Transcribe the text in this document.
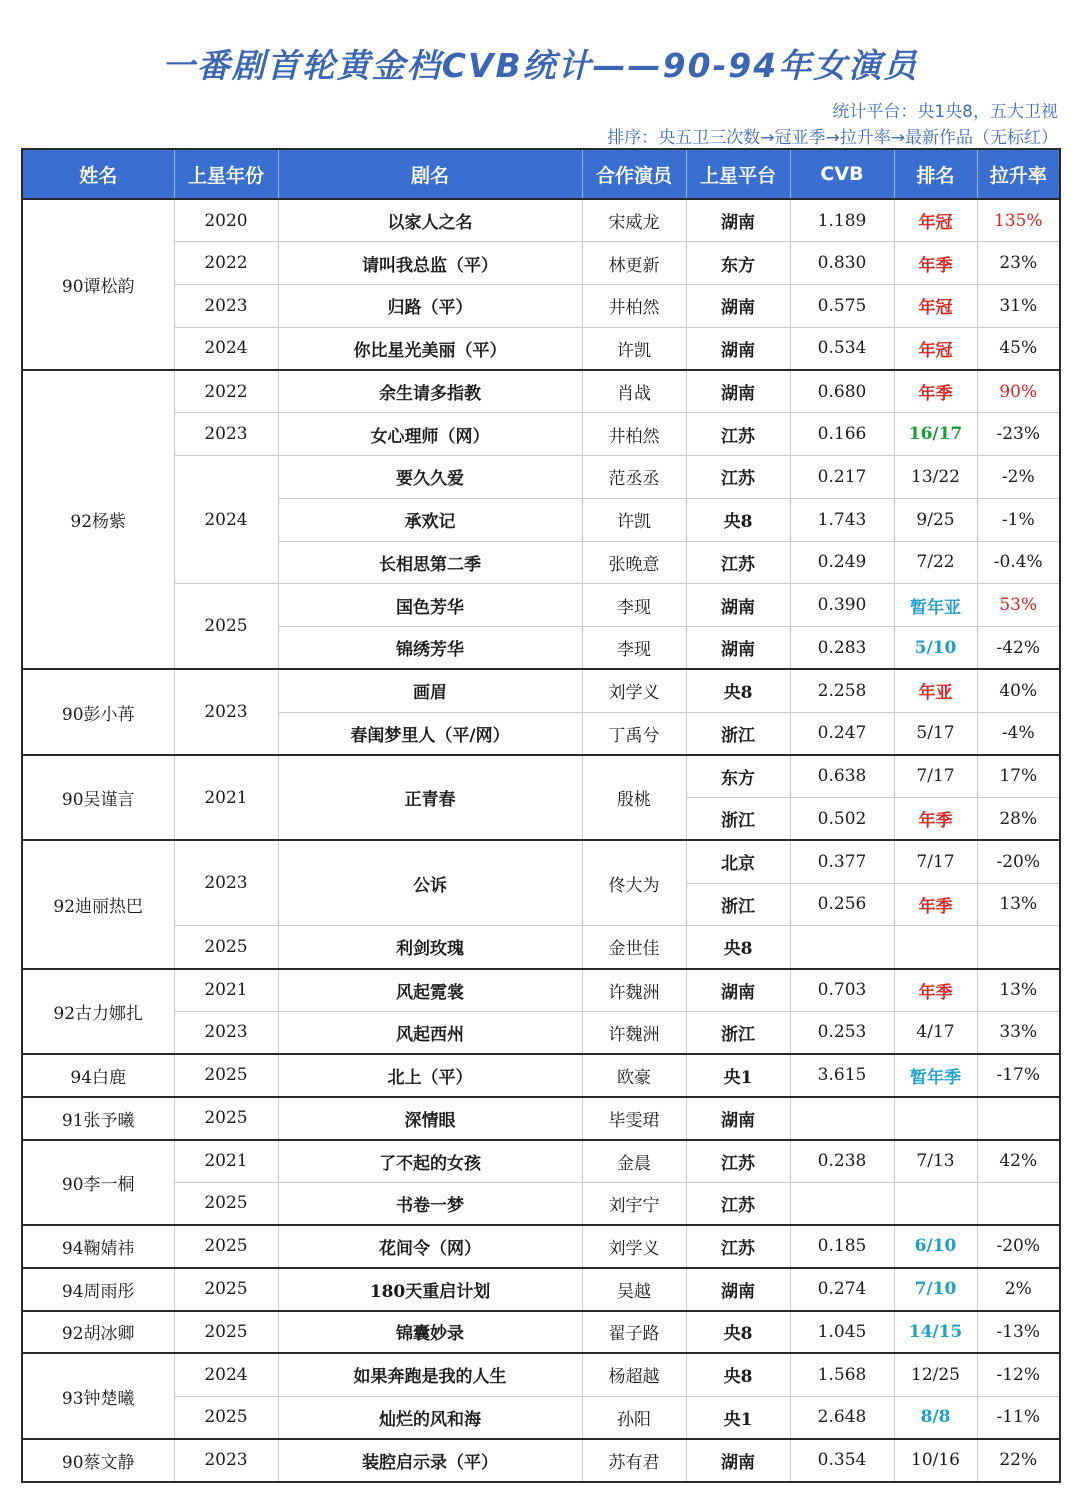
一番剧首轮黄金档CVB统计——90-94年女演员
统计平台：央1央8，五大卫视
排序：央五卫三次数→冠亚季→拉升率→最新作品（无标红）
姓名	上星年份	剧名	合作演员	上星平台	CVB	排名	拉升率
90谭松韵	2020	以家人之名	宋威龙	湖南	1.189	年冠	135%
	2022	请叫我总监（平）	林更新	东方	0.830	年季	23%
	2023	归路（平）	井柏然	湖南	0.575	年冠	31%
	2024	你比星光美丽（平）	许凯	湖南	0.534	年冠	45%
92杨紫	2022	余生请多指教	肖战	湖南	0.680	年季	90%
	2023	女心理师（网）	井柏然	江苏	0.166	16/17	-23%
	2024	要久久爱	范丞丞	江苏	0.217	13/22	-2%
		承欢记	许凯	央8	1.743	9/25	-1%
		长相思第二季	张晚意	江苏	0.249	7/22	-0.4%
	2025	国色芳华	李现	湖南	0.390	暂年亚	53%
		锦绣芳华	李现	湖南	0.283	5/10	-42%
90彭小苒	2023	画眉	刘学义	央8	2.258	年亚	40%
		春闺梦里人（平/网）	丁禹兮	浙江	0.247	5/17	-4%
90吴谨言	2021	正青春	殷桃	东方	0.638	7/17	17%
				浙江	0.502	年季	28%
92迪丽热巴	2023	公诉	佟大为	北京	0.377	7/17	-20%
				浙江	0.256	年季	13%
	2025	利剑玫瑰	金世佳	央8			
92古力娜扎	2021	风起霓裳	许魏洲	湖南	0.703	年季	13%
	2023	风起西州	许魏洲	浙江	0.253	4/17	33%
94白鹿	2025	北上（平）	欧豪	央1	3.615	暂年季	-17%
91张予曦	2025	深情眼	毕雯珺	湖南			
90李一桐	2021	了不起的女孩	金晨	江苏	0.238	7/13	42%
	2025	书卷一梦	刘宇宁	江苏			
94鞠婧祎	2025	花间令（网）	刘学义	江苏	0.185	6/10	-20%
94周雨彤	2025	180天重启计划	吴越	湖南	0.274	7/10	2%
92胡冰卿	2025	锦囊妙录	翟子路	央8	1.045	14/15	-13%
93钟楚曦	2024	如果奔跑是我的人生	杨超越	央8	1.568	12/25	-12%
	2025	灿烂的风和海	孙阳	央1	2.648	8/8	-11%
90蔡文静	2023	装腔启示录（平）	苏有君	湖南	0.354	10/16	22%
